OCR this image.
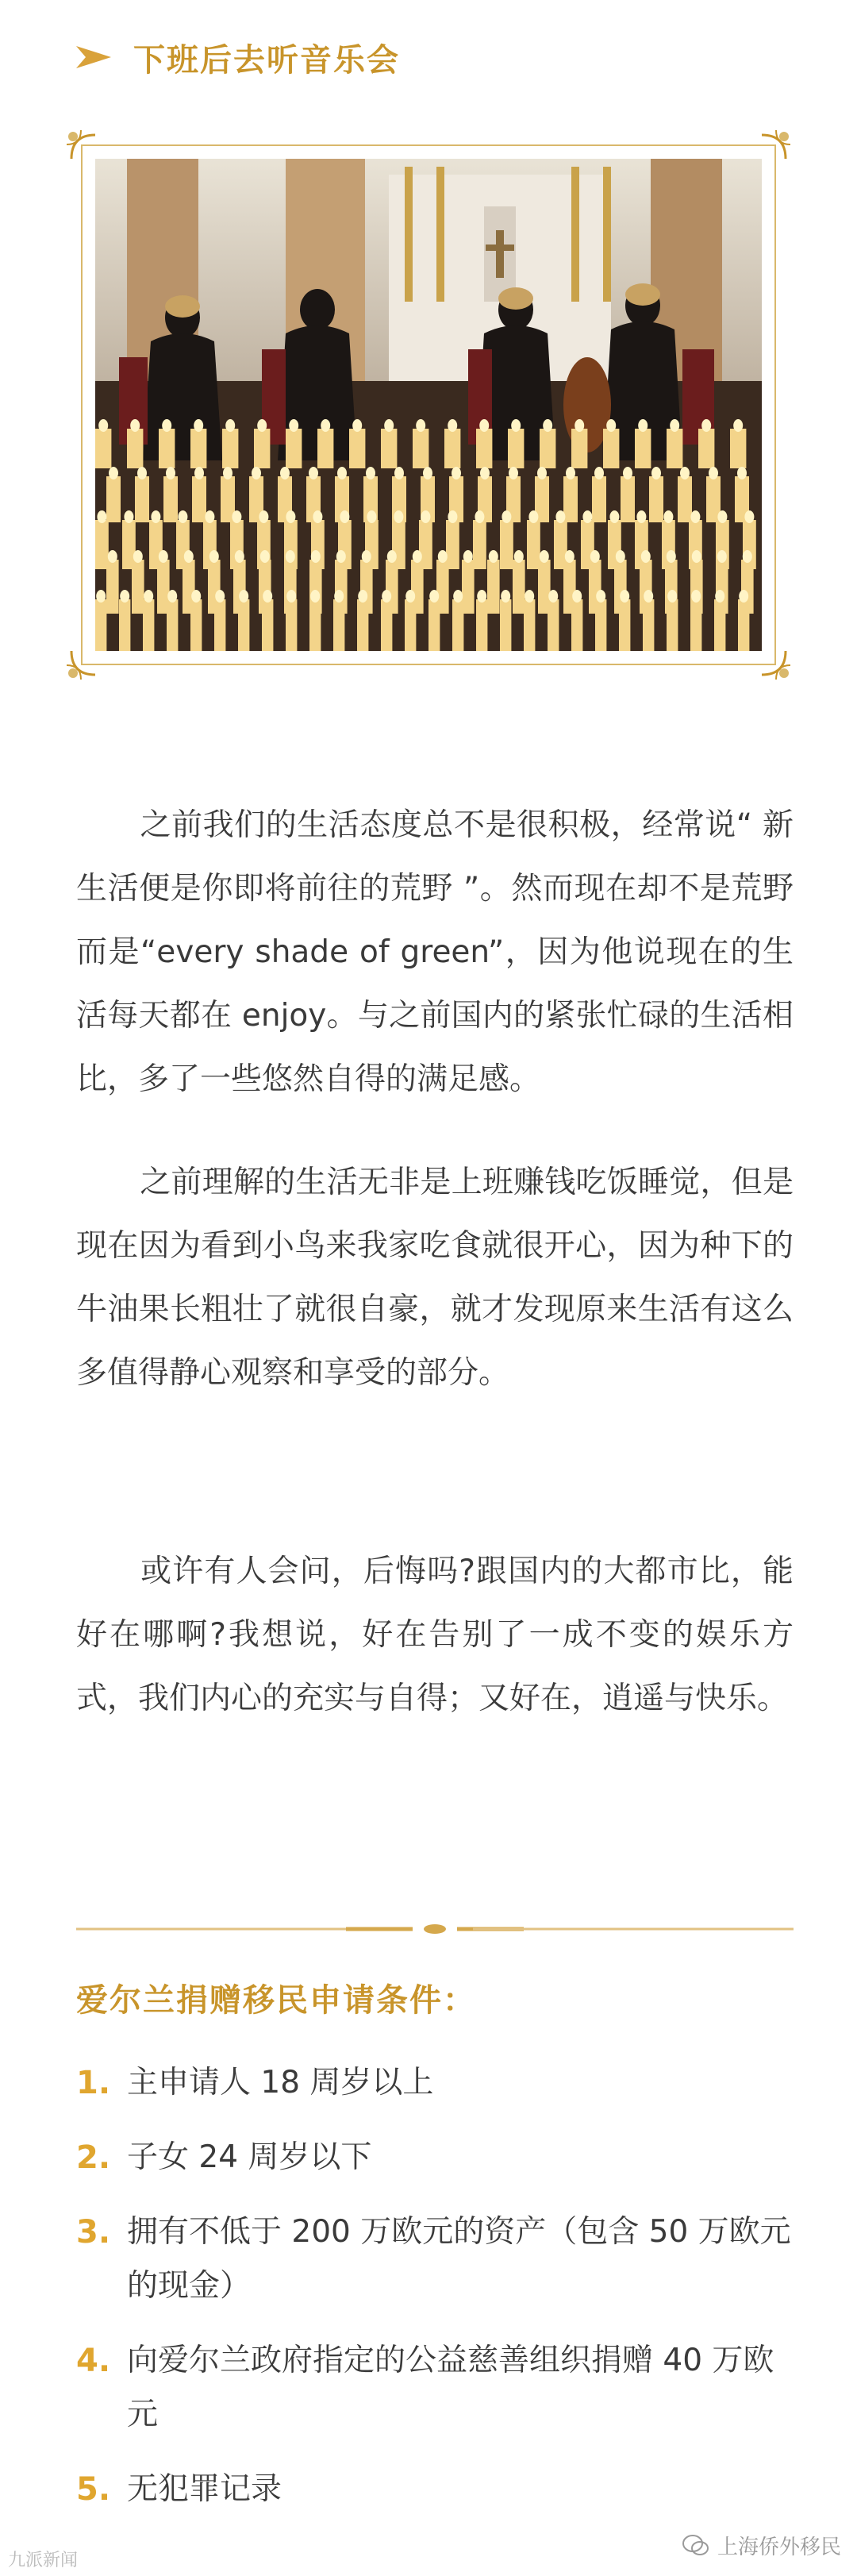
下班后去听音乐会

之前我们的生活态度总不是很积极，经常说“ 新生活便是你即将前往的荒野 ”。然而现在却不是荒野而是“every shade of green”，因为他说现在的生活每天都在 enjoy。与之前国内的紧张忙碌的生活相比，多了一些悠然自得的满足感。

之前理解的生活无非是上班赚钱吃饭睡觉，但是现在因为看到小鸟来我家吃食就很开心，因为种下的牛油果长粗壮了就很自豪，就才发现原来生活有这么多值得静心观察和享受的部分。

或许有人会问，后悔吗?跟国内的大都市比，能好在哪啊?我想说，好在告别了一成不变的娱乐方式，我们内心的充实与自得；又好在，逍遥与快乐。

爱尔兰捐赠移民申请条件：
1. 主申请人 18 周岁以上
2. 子女 24 周岁以下
3. 拥有不低于 200 万欧元的资产（包含 50 万欧元的现金）
4. 向爱尔兰政府指定的公益慈善组织捐赠 40 万欧元
5. 无犯罪记录
九派新闻
上海侨外移民
